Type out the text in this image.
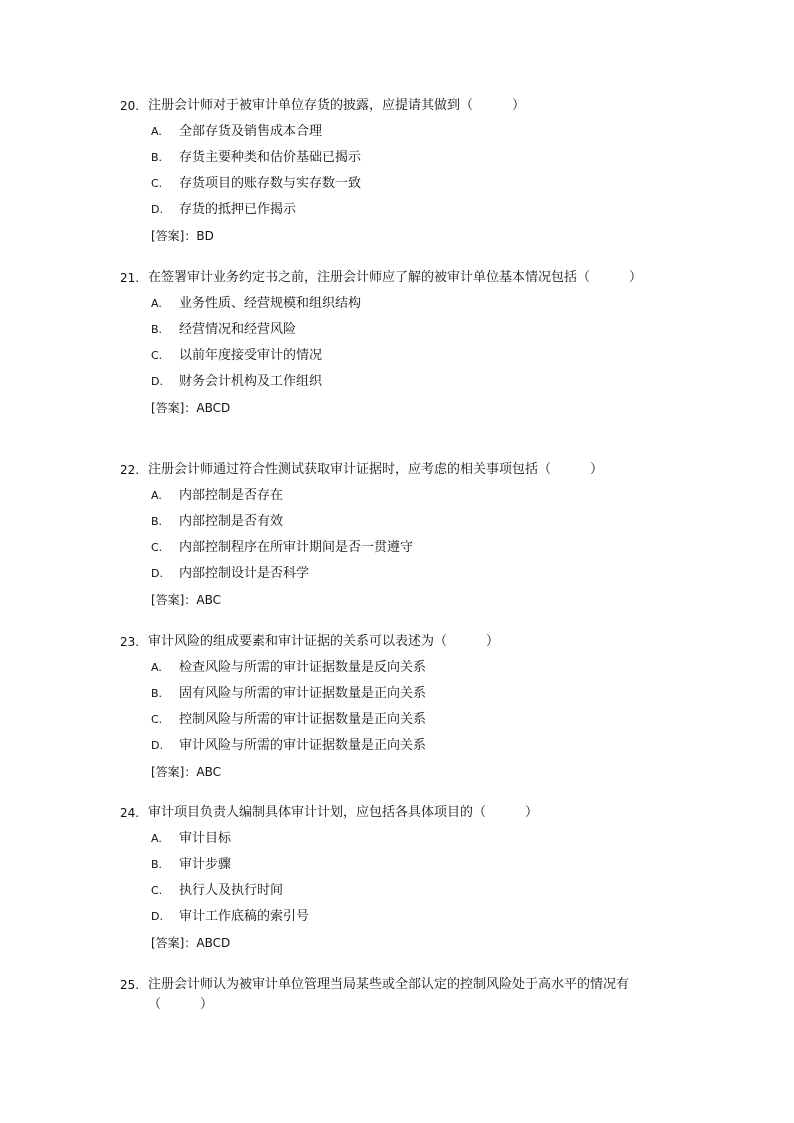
20. 注册会计师对于被审计单位存货的披露，应提请其做到（　　　）
A.	全部存货及销售成本合理
B.	存货主要种类和估价基础已揭示
C.	存货项目的账存数与实存数一致
D.	存货的抵押已作揭示
[答案]：BD
21. 在签署审计业务约定书之前，注册会计师应了解的被审计单位基本情况包括（　　　）
A.	业务性质、经营规模和组织结构
B.	经营情况和经营风险
C.	以前年度接受审计的情况
D.	财务会计机构及工作组织
[答案]：ABCD
22. 注册会计师通过符合性测试获取审计证据时，应考虑的相关事项包括（　　　）
A.	内部控制是否存在
B.	内部控制是否有效
C.	内部控制程序在所审计期间是否一贯遵守
D.	内部控制设计是否科学
[答案]：ABC
23. 审计风险的组成要素和审计证据的关系可以表述为（　　　）
A.	检查风险与所需的审计证据数量是反向关系
B.	固有风险与所需的审计证据数量是正向关系
C.	控制风险与所需的审计证据数量是正向关系
D.	审计风险与所需的审计证据数量是正向关系
[答案]：ABC
24. 审计项目负责人编制具体审计计划，应包括各具体项目的（　　　）
A.	审计目标
B.	审计步骤
C.	执行人及执行时间
D.	审计工作底稿的索引号
[答案]：ABCD
25. 注册会计师认为被审计单位管理当局某些或全部认定的控制风险处于高水平的情况有（　　　）
